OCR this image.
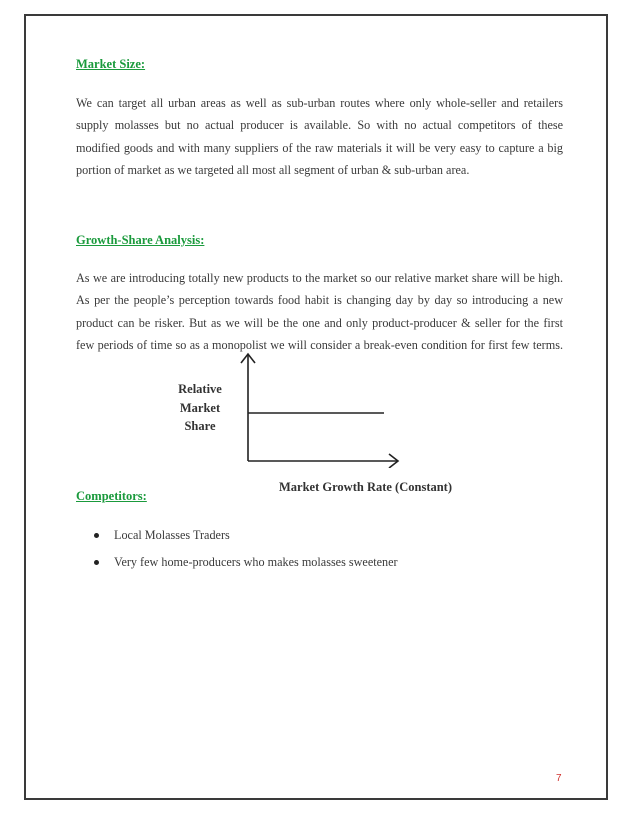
Market Size:

We can target all urban areas as well as sub-urban routes where only whole-seller and retailers
supply molasses but no actual producer is available. So with no actual competitors of these
modified goods and with many suppliers of the raw materials it will be very easy to capture a big
portion of market as we targeted all most all segment of urban & sub-urban area.

Growth-Share Analysis:

As we are introducing totally new products to the market so our relative market share will be high.
As per the people’s perception towards food habit is changing day by day so introducing a new
product can be risker. But as we will be the one and only product-producer & seller for the first
few periods of time so as a monopolist we will consider a break-even condition for first few terms.

Relative
Market
Share
Market Growth Rate (Constant)
Competitors:
Local Molasses Traders
Very few home-producers who makes molasses sweetener
7
